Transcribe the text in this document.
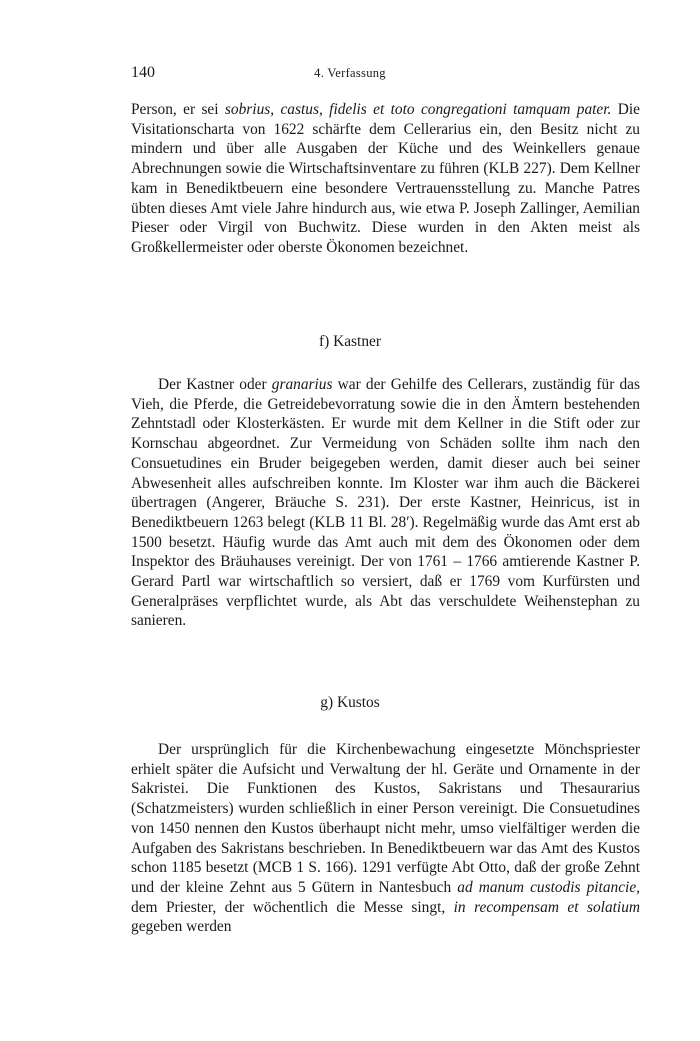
140	4. Verfassung
Person, er sei sobrius, castus, fidelis et toto congregationi tamquam pater. Die Visitationscharta von 1622 schärfte dem Cellerarius ein, den Besitz nicht zu mindern und über alle Ausgaben der Küche und des Weinkellers genaue Abrechnungen sowie die Wirtschaftsinventare zu führen (KLB 227). Dem Kellner kam in Benediktbeuern eine besondere Vertrauensstellung zu. Manche Patres übten dieses Amt viele Jahre hindurch aus, wie etwa P. Joseph Zallinger, Aemilian Pieser oder Virgil von Buchwitz. Diese wurden in den Akten meist als Großkellermeister oder oberste Ökonomen bezeichnet.
f) Kastner
Der Kastner oder granarius war der Gehilfe des Cellerars, zuständig für das Vieh, die Pferde, die Getreidebevorratung sowie die in den Ämtern bestehenden Zehntstadl oder Klosterkästen. Er wurde mit dem Kellner in die Stift oder zur Kornschau abgeordnet. Zur Vermeidung von Schäden sollte ihm nach den Consuetudines ein Bruder beigegeben werden, damit dieser auch bei seiner Abwesenheit alles aufschreiben konnte. Im Kloster war ihm auch die Bäckerei übertragen (Angerer, Bräuche S. 231). Der erste Kastner, Heinricus, ist in Benediktbeuern 1263 belegt (KLB 11 Bl. 28′). Regelmäßig wurde das Amt erst ab 1500 besetzt. Häufig wurde das Amt auch mit dem des Ökonomen oder dem Inspektor des Bräuhauses vereinigt. Der von 1761 – 1766 amtierende Kastner P. Gerard Partl war wirtschaftlich so versiert, daß er 1769 vom Kurfürsten und Generalpräses verpflichtet wurde, als Abt das verschuldete Weihenstephan zu sanieren.
g) Kustos
Der ursprünglich für die Kirchenbewachung eingesetzte Mönchspriester erhielt später die Aufsicht und Verwaltung der hl. Geräte und Ornamente in der Sakristei. Die Funktionen des Kustos, Sakristans und Thesaurarius (Schatzmeisters) wurden schließlich in einer Person vereinigt. Die Consuetudines von 1450 nennen den Kustos überhaupt nicht mehr, umso vielfältiger werden die Aufgaben des Sakristans beschrieben. In Benediktbeuern war das Amt des Kustos schon 1185 besetzt (MCB 1 S. 166). 1291 verfügte Abt Otto, daß der große Zehnt und der kleine Zehnt aus 5 Gütern in Nantesbuch ad manum custodis pitancie, dem Priester, der wöchentlich die Messe singt, in recompensam et solatium gegeben werden
